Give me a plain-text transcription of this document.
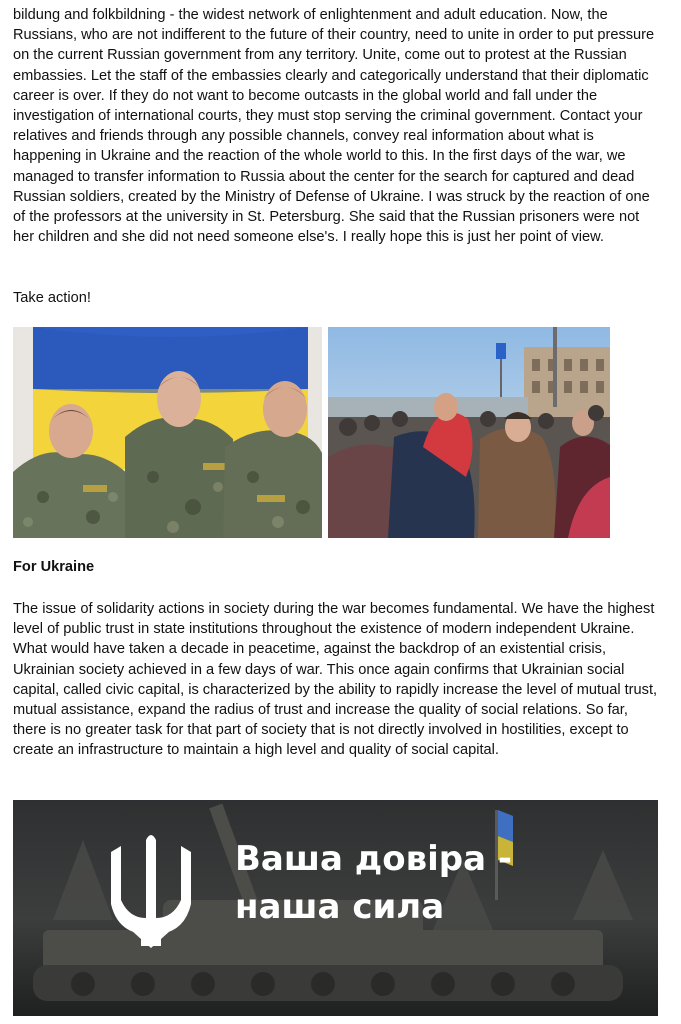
bildung and folkbildning - the widest network of enlightenment and adult education. Now, the Russians, who are not indifferent to the future of their country, need to unite in order to put pressure on the current Russian government from any territory. Unite, come out to protest at the Russian embassies. Let the staff of the embassies clearly and categorically understand that their diplomatic career is over. If they do not want to become outcasts in the global world and fall under the investigation of international courts, they must stop serving the criminal government. Contact your relatives and friends through any possible channels, convey real information about what is happening in Ukraine and the reaction of the whole world to this. In the first days of the war, we managed to transfer information to Russia about the center for the search for captured and dead Russian soldiers, created by the Ministry of Defense of Ukraine. I was struck by the reaction of one of the professors at the university in St. Petersburg. She said that the Russian prisoners were not her children and she did not need someone else's. I really hope this is just her point of view.

Take action!

For Ukraine

The issue of solidarity actions in society during the war becomes fundamental. We have the highest level of public trust in state institutions throughout the existence of modern independent Ukraine. What would have taken a decade in peacetime, against the backdrop of an existential crisis, Ukrainian society achieved in a few days of war. This once again confirms that Ukrainian social capital, called civic capital, is characterized by the ability to rapidly increase the level of mutual trust, mutual assistance, expand the radius of trust and increase the quality of social relations. So far, there is no greater task for that part of society that is not directly involved in hostilities, except to create an infrastructure to maintain a high level and quality of social capital.

Ваша довіра -
наша сила
